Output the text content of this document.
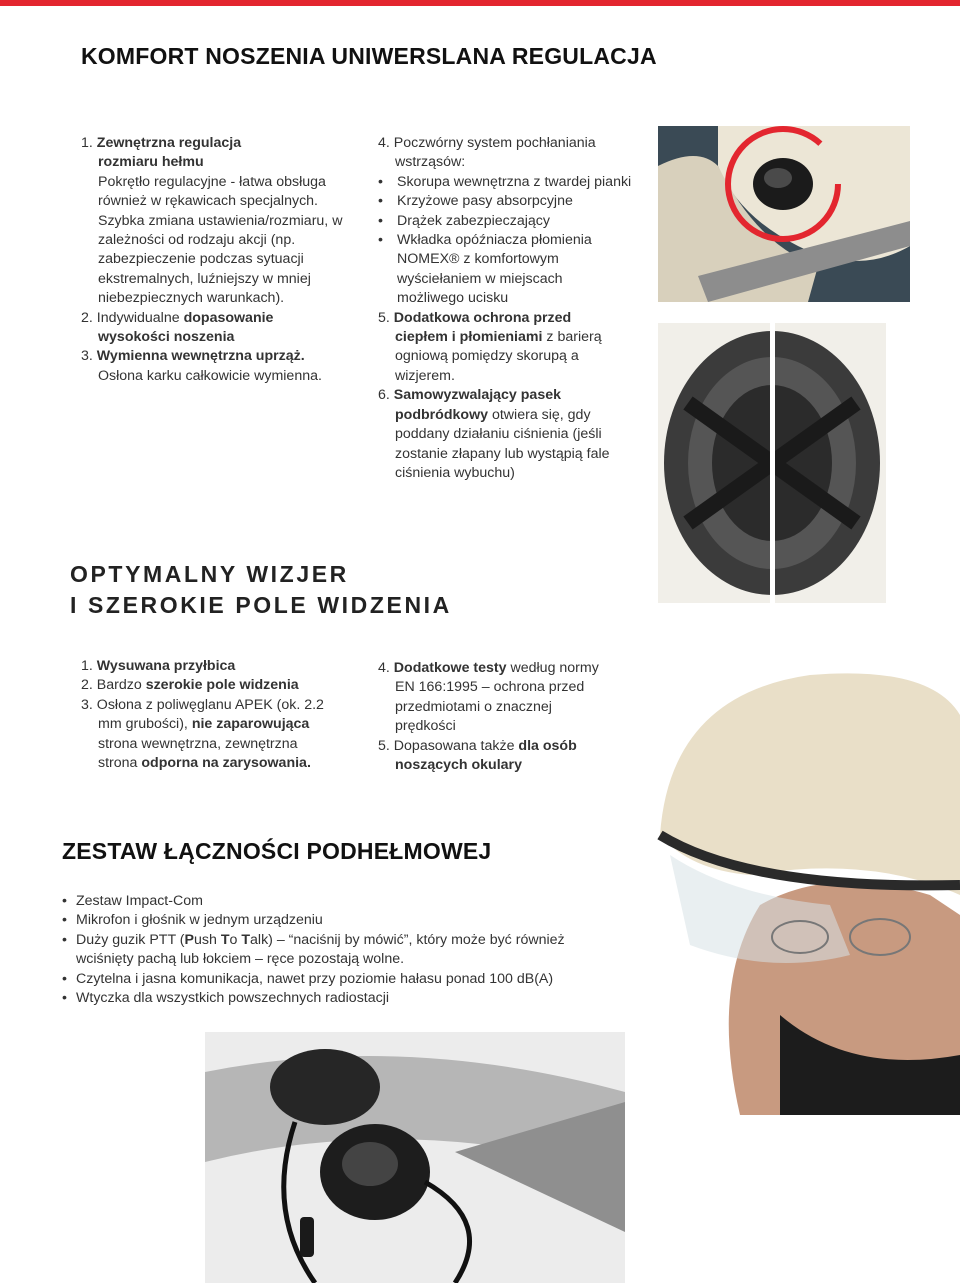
KOMFORT NOSZENIA UNIWERSLANA REGULACJA

1. Zewnętrzna regulacja

rozmiaru hełmu

Pokrętło regulacyjne - łatwa obsługa

również w rękawicach specjalnych.

Szybka zmiana ustawienia/rozmiaru, w

zależności od rodzaju akcji (np.

zabezpieczenie podczas sytuacji

ekstremalnych, luźniejszy w mniej

niebezpiecznych warunkach).

2. Indywidualne dopasowanie

wysokości noszenia

3. Wymienna wewnętrzna uprząż.

Osłona karku całkowicie wymienna.

4. Poczwórny system pochłaniania

wstrząsów:

• Skorupa wewnętrzna z twardej pianki

• Krzyżowe pasy absorpcyjne

• Drążek zabezpieczający

• Wkładka opóźniacza płomienia

NOMEX® z komfortowym

wyściełaniem w miejscach

możliwego ucisku

5. Dodatkowa ochrona przed

ciepłem i płomieniami z barierą

ogniową pomiędzy skorupą a

wizjerem.

6. Samowyzwalający pasek

podbródkowy otwiera się, gdy

poddany działaniu ciśnienia (jeśli

zostanie złapany lub wystąpią fale

ciśnienia wybuchu)

OPTYMALNY WIZJER
I SZEROKIE POLE WIDZENIA

1. Wysuwana przyłbica

2. Bardzo szerokie pole widzenia

3. Osłona z poliwęglanu APEK (ok. 2.2

mm grubości), nie zaparowująca

strona wewnętrzna, zewnętrzna

strona odporna na zarysowania.

4. Dodatkowe testy według normy

EN 166:1995 – ochrona przed

przedmiotami o znacznej

prędkości

5. Dopasowana także dla osób

noszących okulary

ZESTAW ŁĄCZNOŚCI PODHEŁMOWEJ

• Zestaw Impact-Com

• Mikrofon i głośnik w jednym urządzeniu

• Duży guzik PTT (Push To Talk) – “naciśnij by mówić”, który może być również

wciśnięty pachą lub łokciem – ręce pozostają wolne.

• Czytelna i jasna komunikacja, nawet przy poziomie hałasu ponad 100 dB(A)

• Wtyczka dla wszystkich powszechnych radiostacji
